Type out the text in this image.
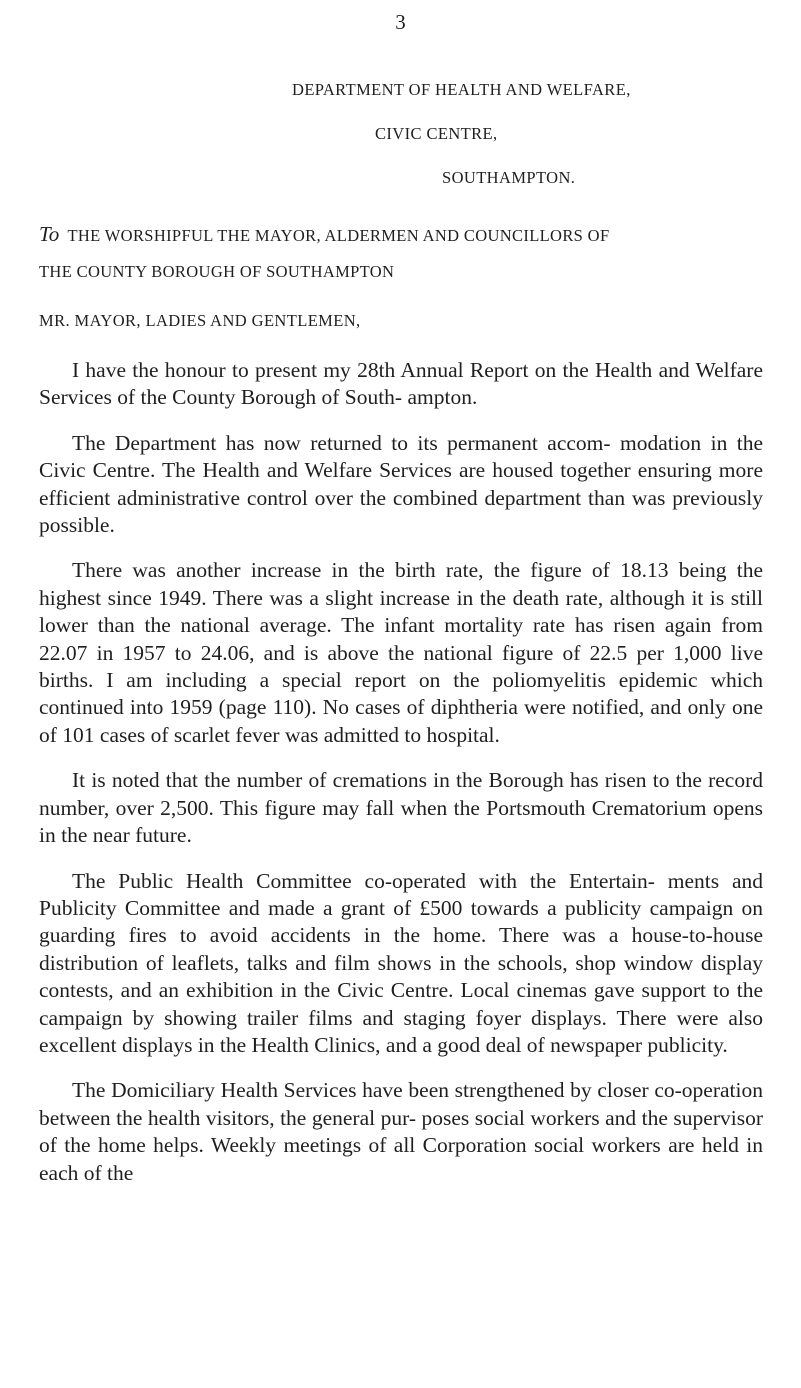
3
DEPARTMENT OF HEALTH AND WELFARE,
CIVIC CENTRE,
SOUTHAMPTON.
To THE WORSHIPFUL THE MAYOR, ALDERMEN AND COUNCILLORS OF
THE COUNTY BOROUGH OF SOUTHAMPTON
MR. MAYOR, LADIES AND GENTLEMEN,

I have the honour to present my 28th Annual Report on the Health and Welfare Services of the County Borough of South- ampton.

The Department has now returned to its permanent accom- modation in the Civic Centre. The Health and Welfare Services are housed together ensuring more efficient administrative control over the combined department than was previously possible.

There was another increase in the birth rate, the figure of 18.13 being the highest since 1949. There was a slight increase in the death rate, although it is still lower than the national average. The infant mortality rate has risen again from 22.07 in 1957 to 24.06, and is above the national figure of 22.5 per 1,000 live births. I am including a special report on the poliomyelitis epidemic which continued into 1959 (page 110). No cases of diphtheria were notified, and only one of 101 cases of scarlet fever was admitted to hospital.

It is noted that the number of cremations in the Borough has risen to the record number, over 2,500. This figure may fall when the Portsmouth Crematorium opens in the near future.

The Public Health Committee co-operated with the Entertain- ments and Publicity Committee and made a grant of £500 towards a publicity campaign on guarding fires to avoid accidents in the home. There was a house-to-house distribution of leaflets, talks and film shows in the schools, shop window display contests, and an exhibition in the Civic Centre. Local cinemas gave support to the campaign by showing trailer films and staging foyer displays. There were also excellent displays in the Health Clinics, and a good deal of newspaper publicity.

The Domiciliary Health Services have been strengthened by closer co-operation between the health visitors, the general pur- poses social workers and the supervisor of the home helps. Weekly meetings of all Corporation social workers are held in each of the
